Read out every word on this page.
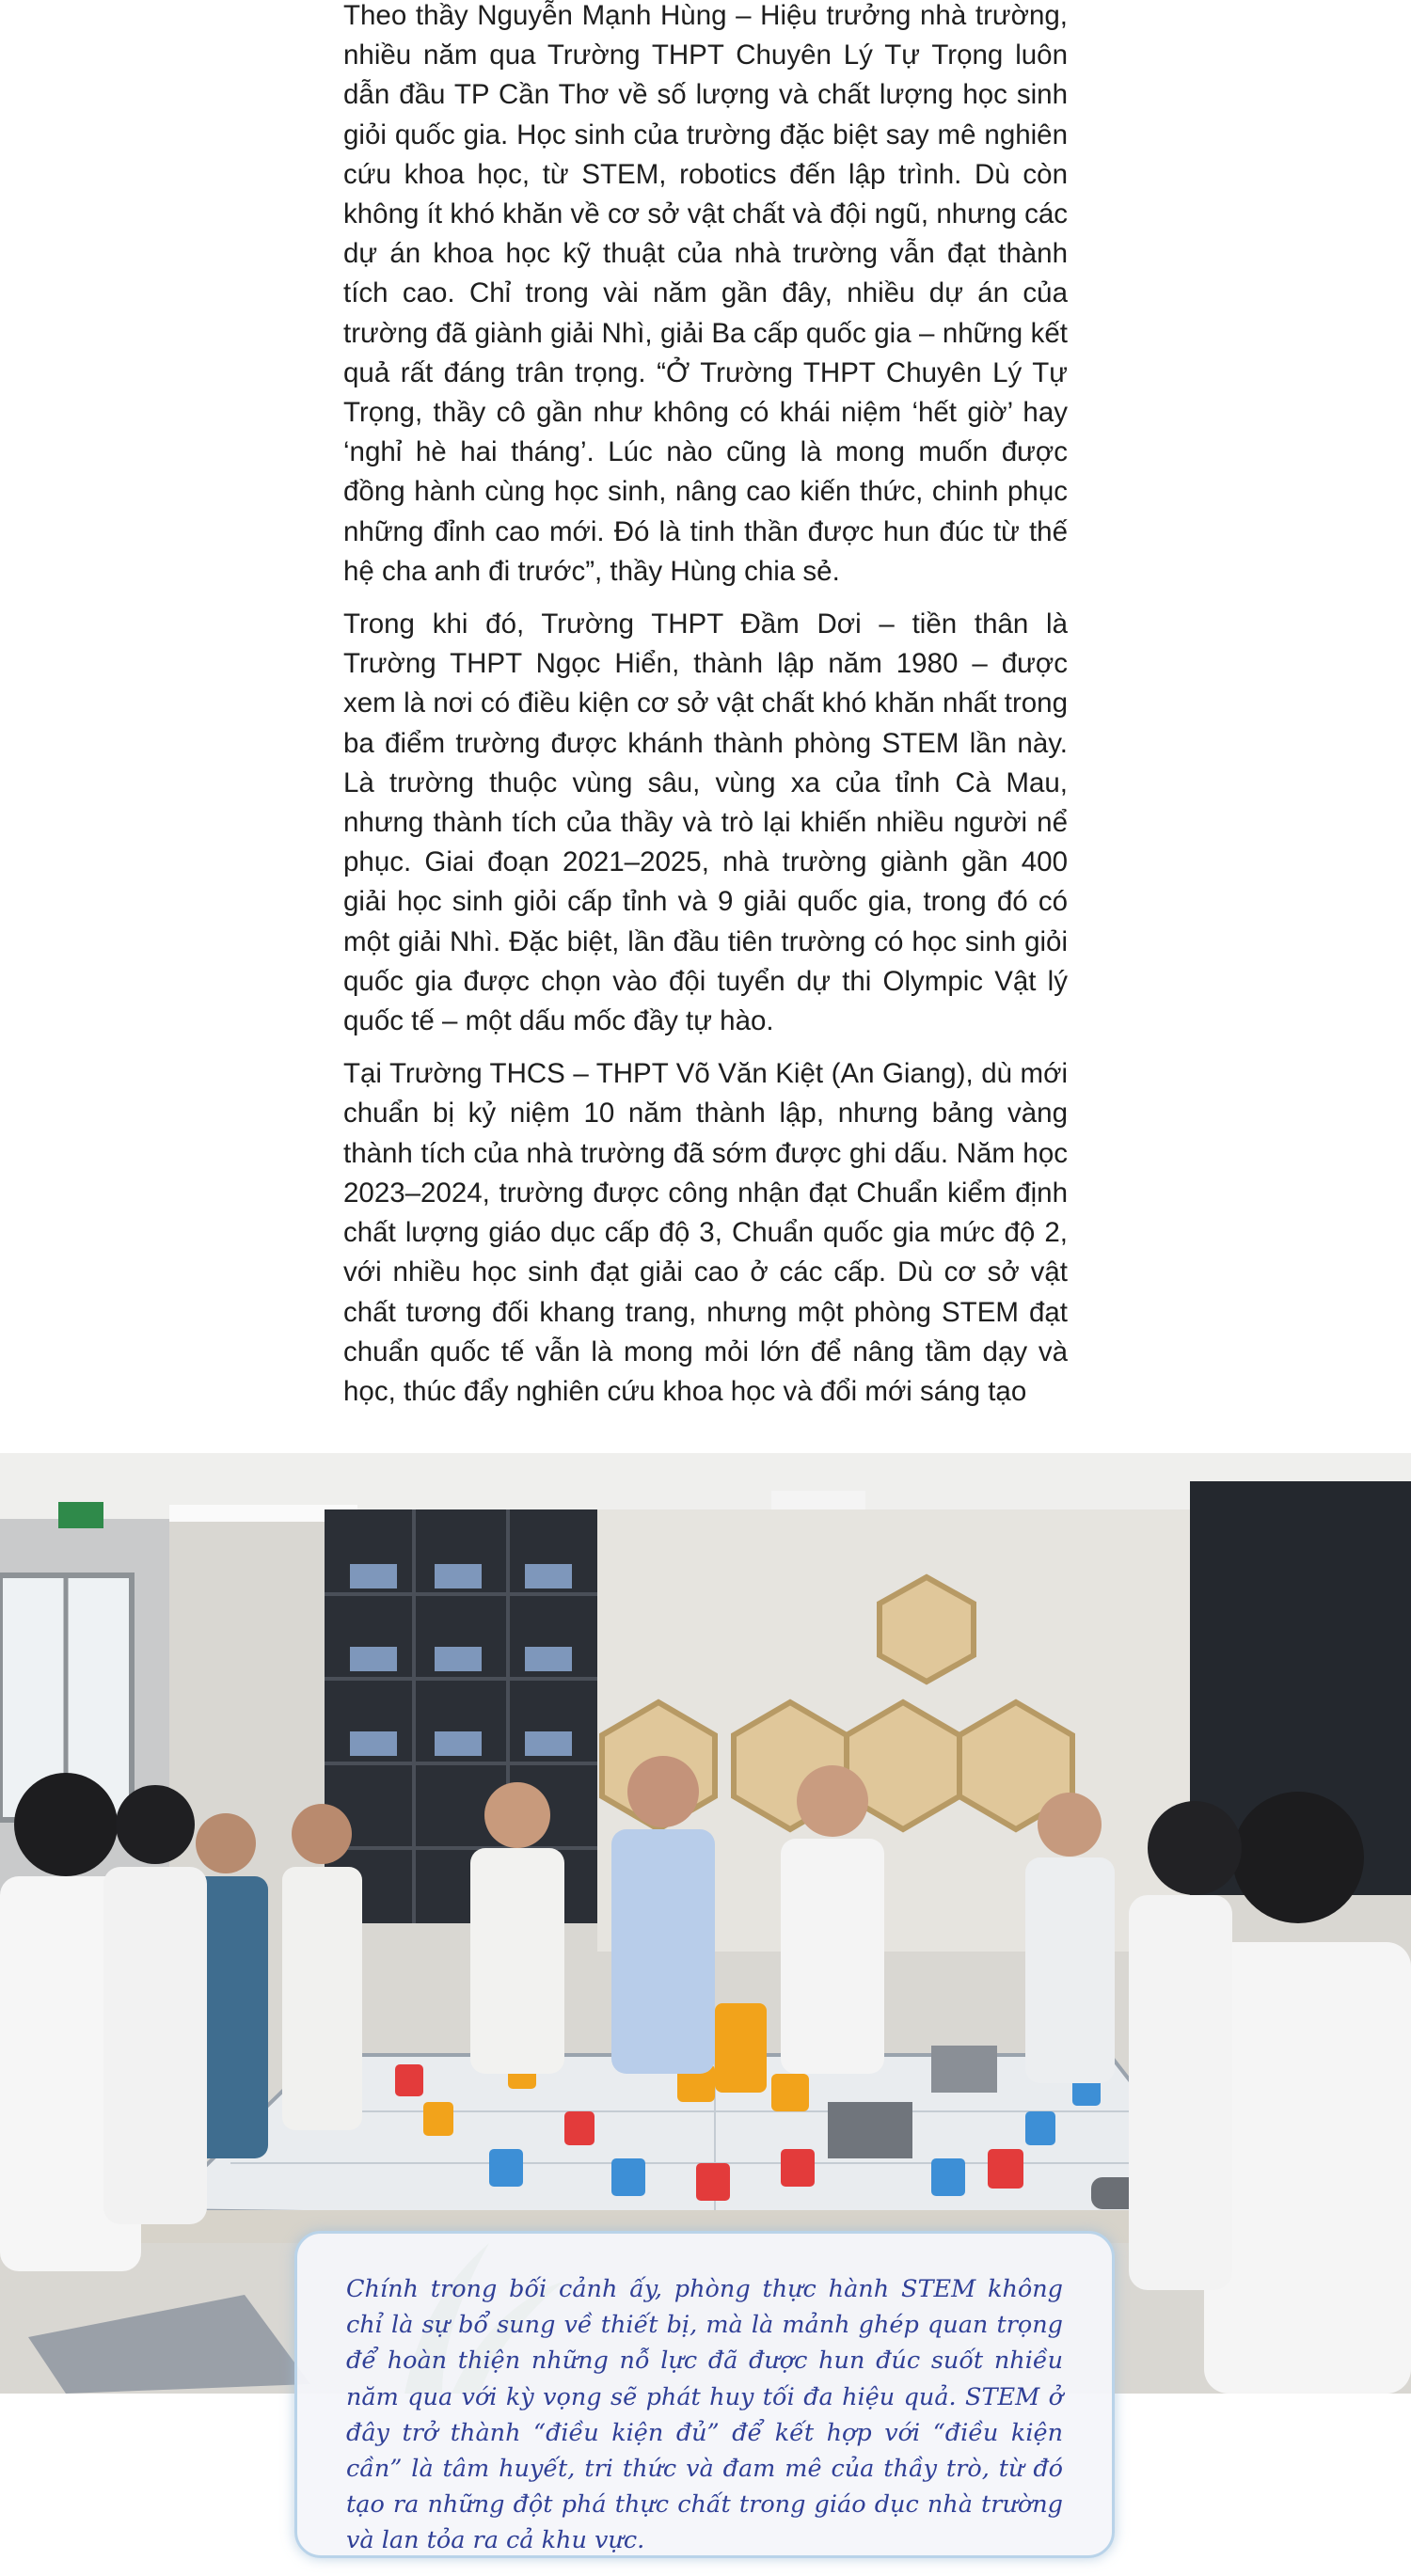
Theo thầy Nguyễn Mạnh Hùng – Hiệu trưởng nhà trường, nhiều năm qua Trường THPT Chuyên Lý Tự Trọng luôn dẫn đầu TP Cần Thơ về số lượng và chất lượng học sinh giỏi quốc gia. Học sinh của trường đặc biệt say mê nghiên cứu khoa học, từ STEM, robotics đến lập trình. Dù còn không ít khó khăn về cơ sở vật chất và đội ngũ, nhưng các dự án khoa học kỹ thuật của nhà trường vẫn đạt thành tích cao. Chỉ trong vài năm gần đây, nhiều dự án của trường đã giành giải Nhì, giải Ba cấp quốc gia – những kết quả rất đáng trân trọng. “Ở Trường THPT Chuyên Lý Tự Trọng, thầy cô gần như không có khái niệm ‘hết giờ’ hay ‘nghỉ hè hai tháng’. Lúc nào cũng là mong muốn được đồng hành cùng học sinh, nâng cao kiến thức, chinh phục những đỉnh cao mới. Đó là tinh thần được hun đúc từ thế hệ cha anh đi trước”, thầy Hùng chia sẻ.

Trong khi đó, Trường THPT Đầm Dơi – tiền thân là Trường THPT Ngọc Hiển, thành lập năm 1980 – được xem là nơi có điều kiện cơ sở vật chất khó khăn nhất trong ba điểm trường được khánh thành phòng STEM lần này. Là trường thuộc vùng sâu, vùng xa của tỉnh Cà Mau, nhưng thành tích của thầy và trò lại khiến nhiều người nể phục. Giai đoạn 2021–2025, nhà trường giành gần 400 giải học sinh giỏi cấp tỉnh và 9 giải quốc gia, trong đó có một giải Nhì. Đặc biệt, lần đầu tiên trường có học sinh giỏi quốc gia được chọn vào đội tuyển dự thi Olympic Vật lý quốc tế – một dấu mốc đầy tự hào.

Tại Trường THCS – THPT Võ Văn Kiệt (An Giang), dù mới chuẩn bị kỷ niệm 10 năm thành lập, nhưng bảng vàng thành tích của nhà trường đã sớm được ghi dấu. Năm học 2023–2024, trường được công nhận đạt Chuẩn kiểm định chất lượng giáo dục cấp độ 3, Chuẩn quốc gia mức độ 2, với nhiều học sinh đạt giải cao ở các cấp. Dù cơ sở vật chất tương đối khang trang, nhưng một phòng STEM đạt chuẩn quốc tế vẫn là mong mỏi lớn để nâng tầm dạy và học, thúc đẩy nghiên cứu khoa học và đổi mới sáng tạo

Chính trong bối cảnh ấy, phòng thực hành STEM không chỉ là sự bổ sung về thiết bị, mà là mảnh ghép quan trọng để hoàn thiện những nỗ lực đã được hun đúc suốt nhiều năm qua với kỳ vọng sẽ phát huy tối đa hiệu quả. STEM ở đây trở thành “điều kiện đủ” để kết hợp với “điều kiện cần” là tâm huyết, tri thức và đam mê của thầy trò, từ đó tạo ra những đột phá thực chất trong giáo dục nhà trường và lan tỏa ra cả khu vực.
